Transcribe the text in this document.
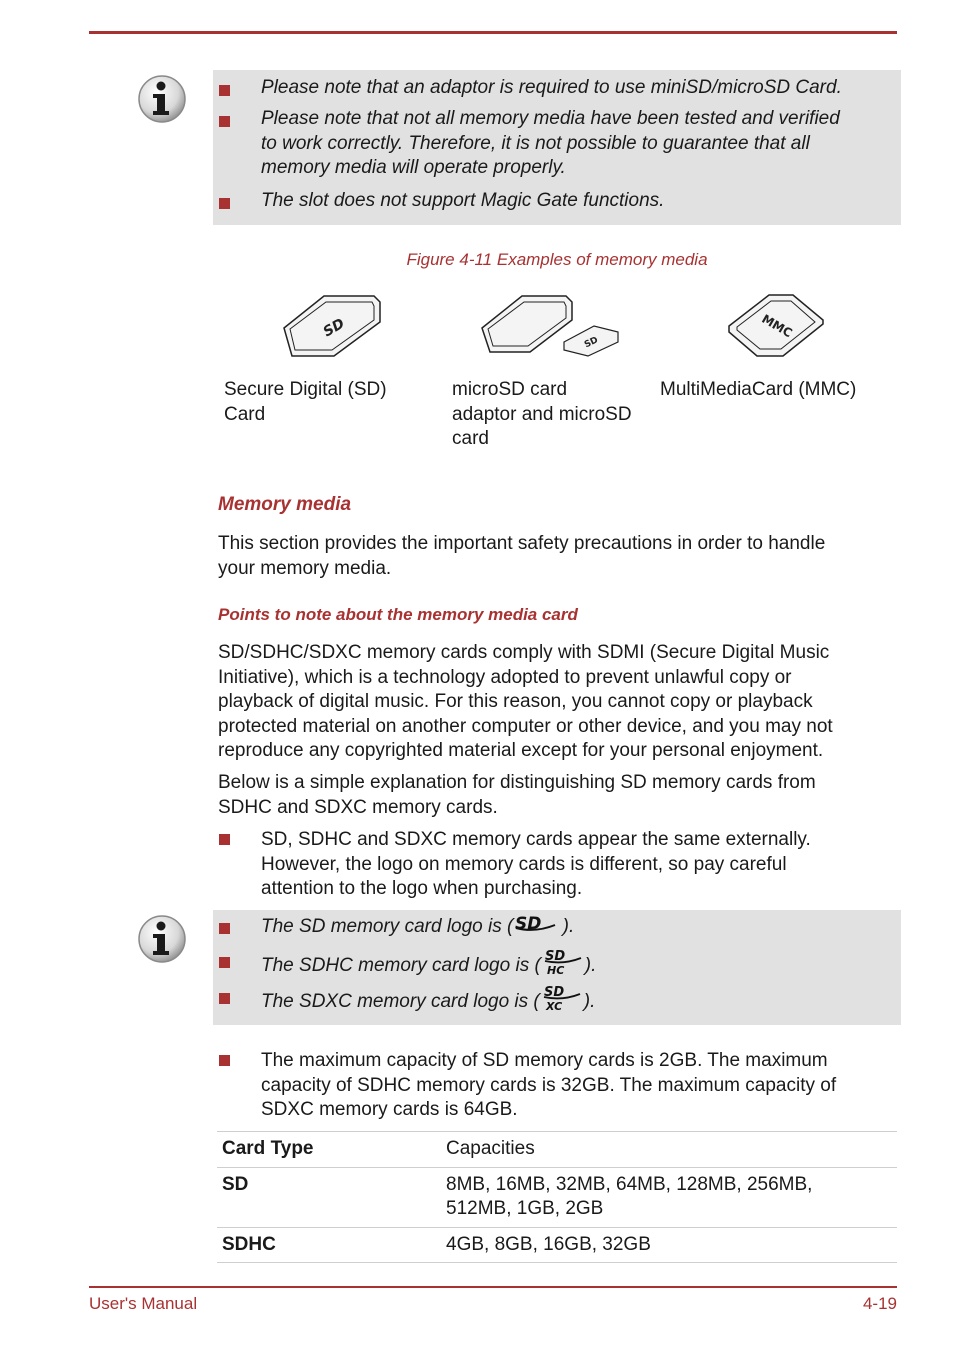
Please note that an adaptor is required to use miniSD/microSD Card.
Please note that not all memory media have been tested and verified
to work correctly. Therefore, it is not possible to guarantee that all
memory media will operate properly.
The slot does not support Magic Gate functions.
Figure 4-11 Examples of memory media
SD
SD
MMC
Secure Digital (SD)
Card
microSD card
adaptor and microSD
card
MultiMediaCard (MMC)
Memory media
This section provides the important safety precautions in order to handle
your memory media.
Points to note about the memory media card
SD/SDHC/SDXC memory cards comply with SDMI (Secure Digital Music
Initiative), which is a technology adopted to prevent unlawful copy or
playback of digital music. For this reason, you cannot copy or playback
protected material on another computer or other device, and you may not
reproduce any copyrighted material except for your personal enjoyment.
Below is a simple explanation for distinguishing SD memory cards from
SDHC and SDXC memory cards.
SD, SDHC and SDXC memory cards appear the same externally.
However, the logo on memory cards is different, so pay careful
attention to the logo when purchasing.
The SD memory card logo is ( SD ).
The SDHC memory card logo is ( SD
HC ).
The SDXC memory card logo is ( SD
XC ).
The maximum capacity of SD memory cards is 2GB. The maximum
capacity of SDHC memory cards is 32GB. The maximum capacity of
SDXC memory cards is 64GB.
Card Type	Capacities
SD	8MB, 16MB, 32MB, 64MB, 128MB, 256MB,
512MB, 1GB, 2GB

SDHC	4GB, 8GB, 16GB, 32GB
User's Manual	4-19
